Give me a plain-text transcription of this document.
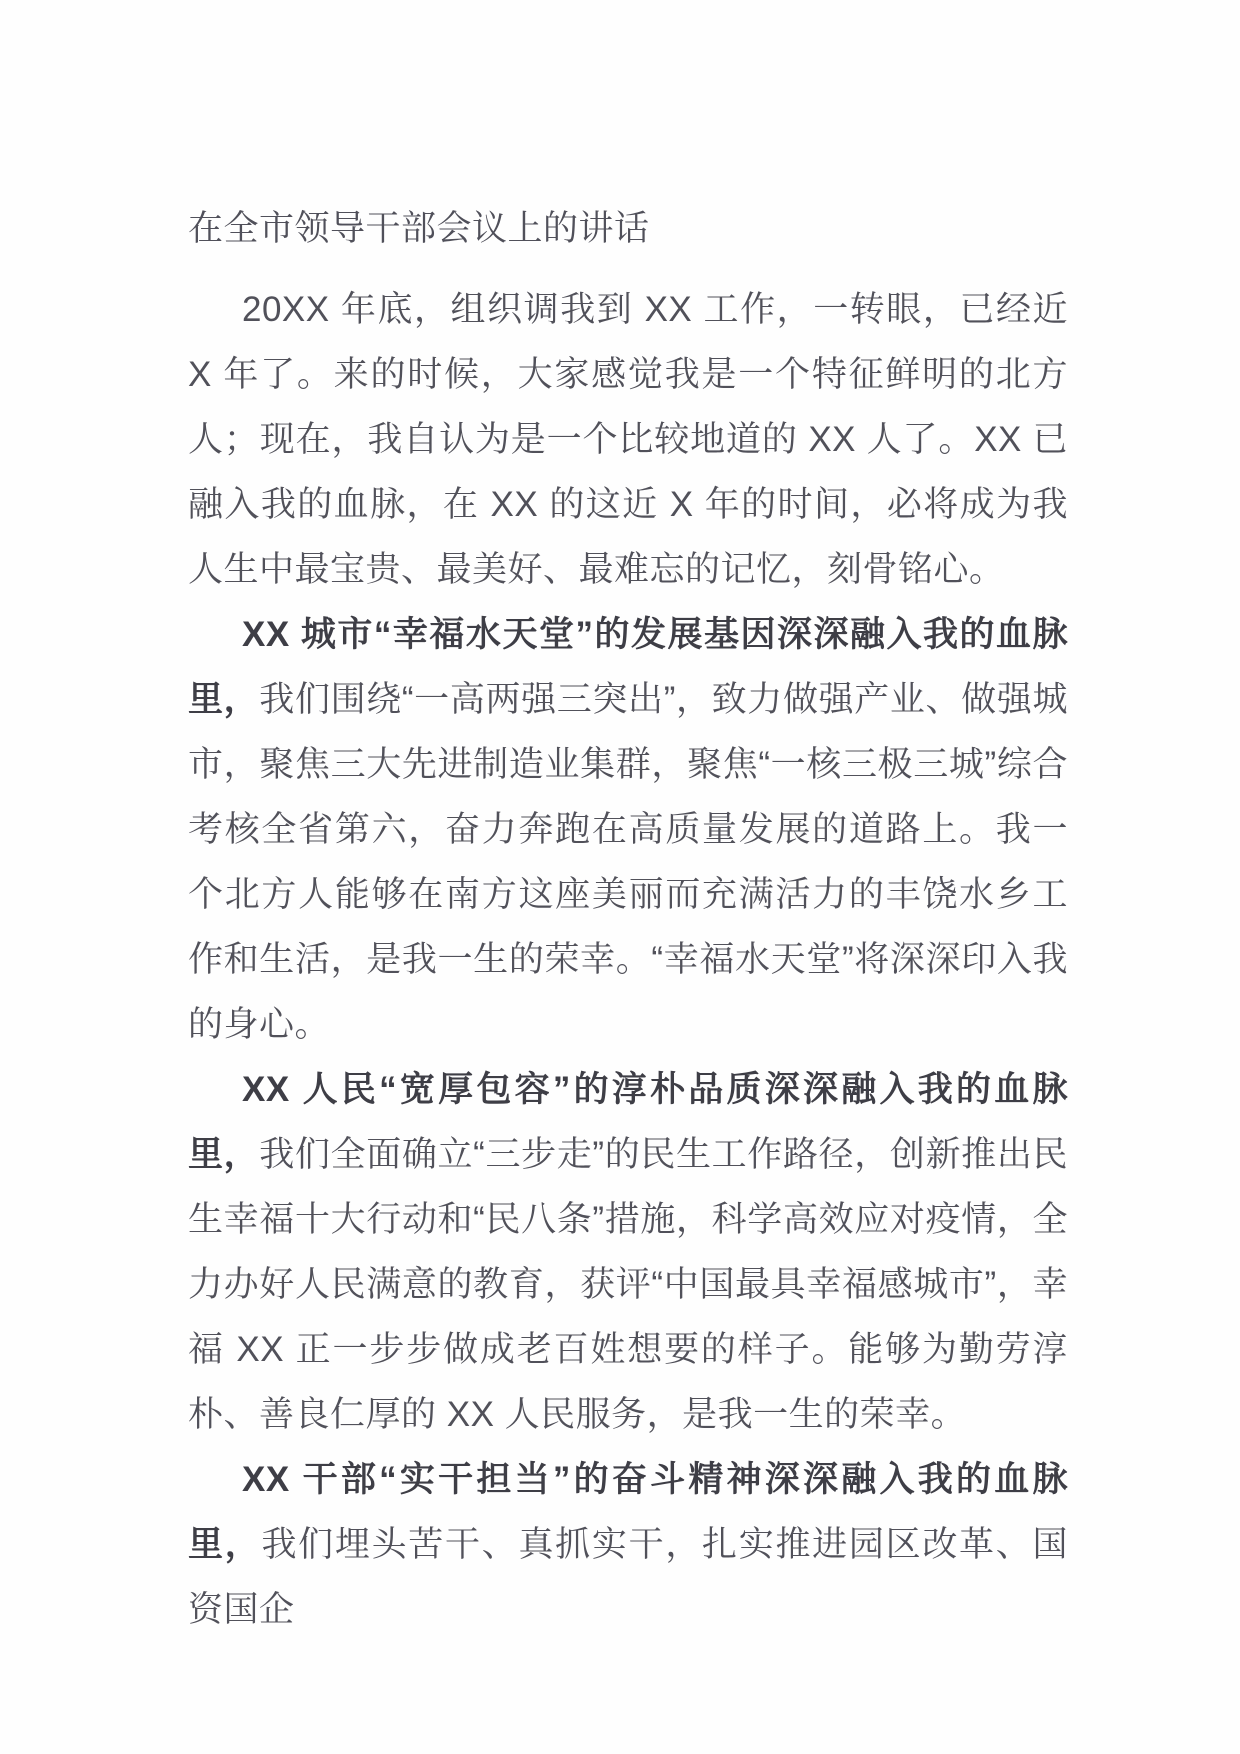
在全市领导干部会议上的讲话

20XX 年底，组织调我到 XX 工作，一转眼，已经近 X 年了。来的时候，大家感觉我是一个特征鲜明的北方人；现在，我自认为是一个比较地道的 XX 人了。XX 已融入我的血脉，在 XX 的这近 X 年的时间，必将成为我人生中最宝贵、最美好、最难忘的记忆，刻骨铭心。

XX 城市“幸福水天堂”的发展基因深深融入我的血脉里，我们围绕“一高两强三突出”，致力做强产业、做强城市，聚焦三大先进制造业集群，聚焦“一核三极三城”综合考核全省第六，奋力奔跑在高质量发展的道路上。我一个北方人能够在南方这座美丽而充满活力的丰饶水乡工作和生活，是我一生的荣幸。“幸福水天堂”将深深印入我的身心。

XX 人民“宽厚包容”的淳朴品质深深融入我的血脉里，我们全面确立“三步走”的民生工作路径，创新推出民生幸福十大行动和“民八条”措施，科学高效应对疫情，全力办好人民满意的教育，获评“中国最具幸福感城市”，幸福 XX 正一步步做成老百姓想要的样子。能够为勤劳淳朴、善良仁厚的 XX 人民服务，是我一生的荣幸。

XX 干部“实干担当”的奋斗精神深深融入我的血脉里，我们埋头苦干、真抓实干，扎实推进园区改革、国资国企
